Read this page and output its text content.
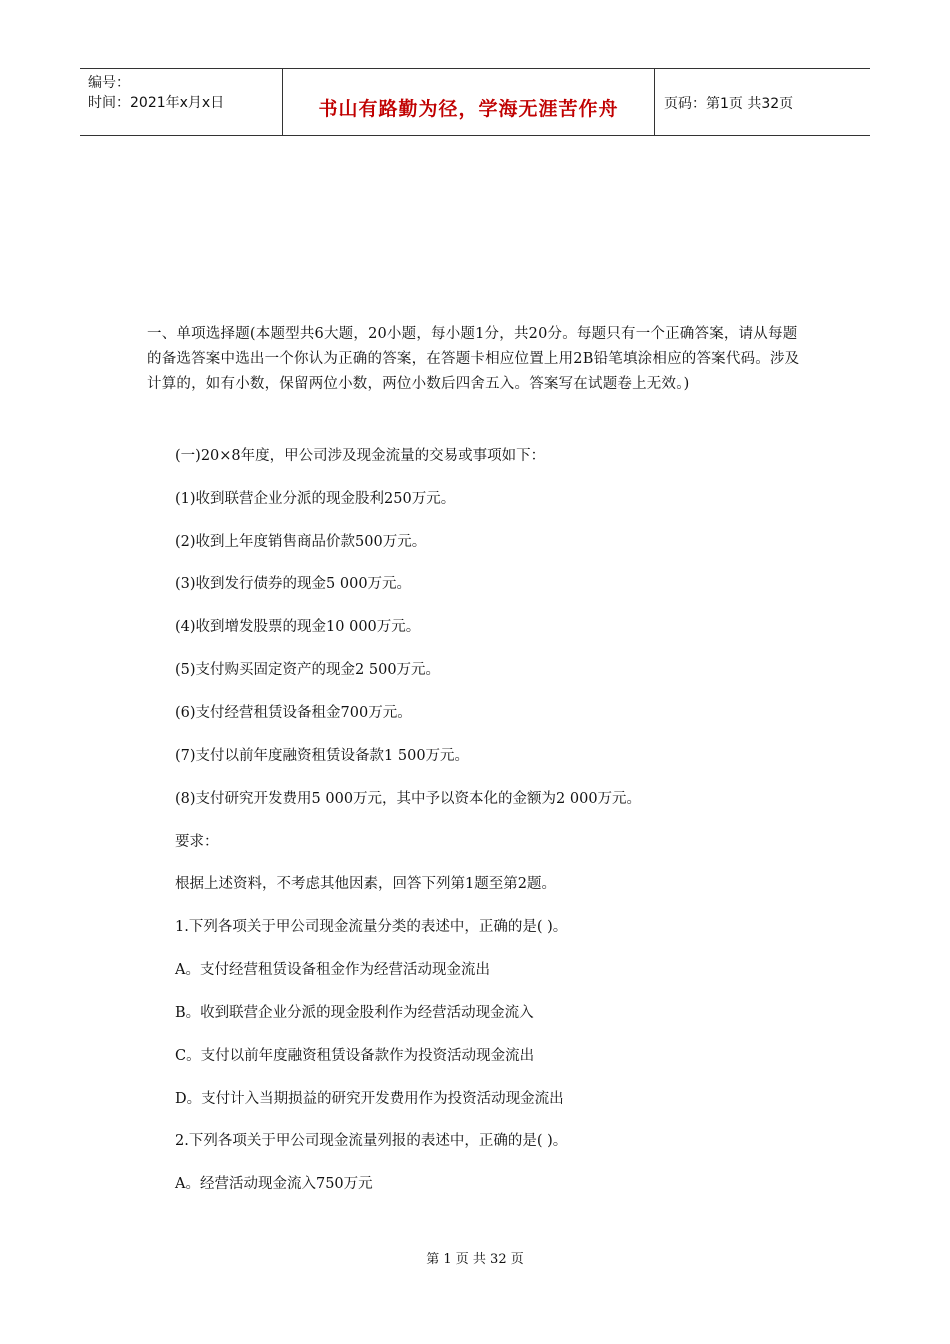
编号：
时间：2021年x月x日	书山有路勤为径，学海无涯苦作舟	页码：第1页 共32页

一、单项选择题(本题型共6大题，20小题，每小题1分，共20分。每题只有一个正确答案，请从每题的备选答案中选出一个你认为正确的答案，在答题卡相应位置上用2B铅笔填涂相应的答案代码。涉及计算的，如有小数，保留两位小数，两位小数后四舍五入。答案写在试题卷上无效。)

(一)20×8年度，甲公司涉及现金流量的交易或事项如下：
(1)收到联营企业分派的现金股利250万元。
(2)收到上年度销售商品价款500万元。
(3)收到发行债券的现金5 000万元。
(4)收到增发股票的现金10 000万元。
(5)支付购买固定资产的现金2 500万元。
(6)支付经营租赁设备租金700万元。
(7)支付以前年度融资租赁设备款1 500万元。
(8)支付研究开发费用5 000万元，其中予以资本化的金额为2 000万元。
要求：
根据上述资料，不考虑其他因素，回答下列第1题至第2题。
1.下列各项关于甲公司现金流量分类的表述中，正确的是( )。
A。支付经营租赁设备租金作为经营活动现金流出
B。收到联营企业分派的现金股利作为经营活动现金流入
C。支付以前年度融资租赁设备款作为投资活动现金流出
D。支付计入当期损益的研究开发费用作为投资活动现金流出
2.下列各项关于甲公司现金流量列报的表述中，正确的是( )。
A。经营活动现金流入750万元
第 1 页 共 32 页
